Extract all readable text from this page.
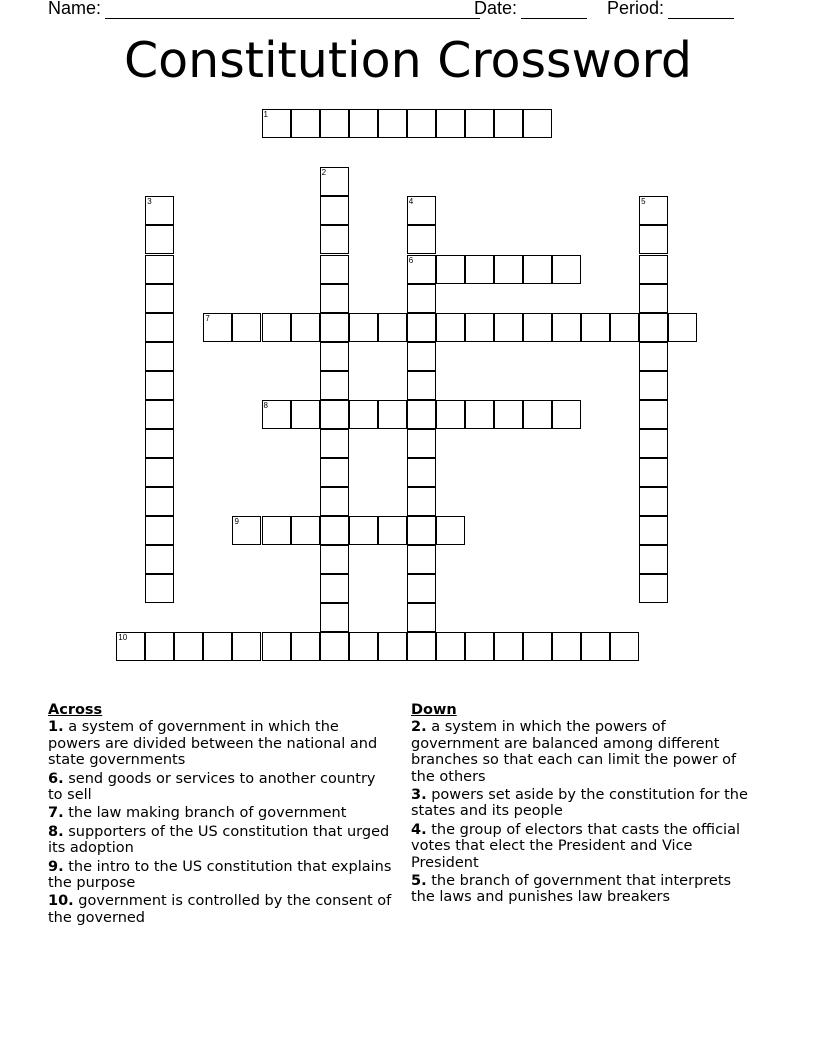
Name:	Date:	Period:
Constitution Crossword
1
2
3	4
6
5
7
8
9
10
Across
1. a system of government in which the powers are divided between the national and state governments
6. send goods or services to another country to sell
7. the law making branch of government
8. supporters of the US constitution that urged its adoption
9. the intro to the US constitution that explains the purpose
10. government is controlled by the consent of the governed
Down
2. a system in which the powers of government are balanced among different branches so that each can limit the power of the others
3. powers set aside by the constitution for the states and its people
4. the group of electors that casts the official votes that elect the President and Vice President
5. the branch of government that interprets the laws and punishes law breakers
